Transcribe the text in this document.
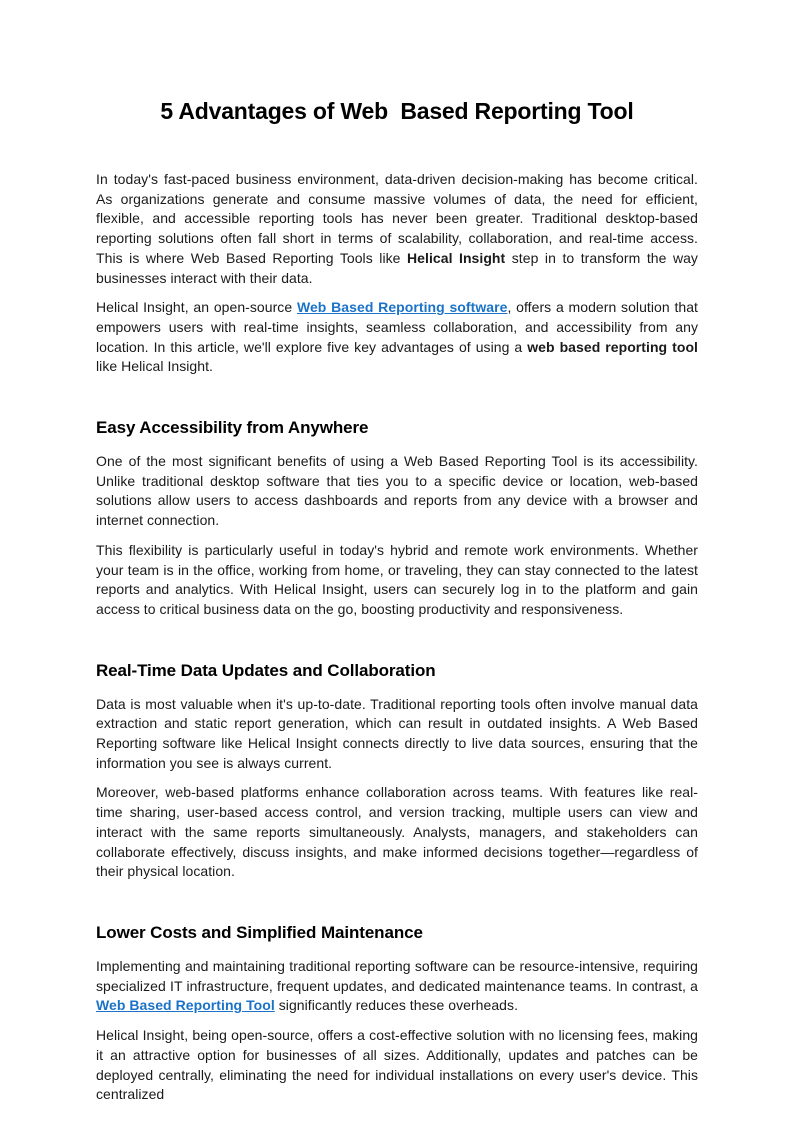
5 Advantages of Web  Based Reporting Tool

In today's fast-paced business environment, data-driven decision-making has become critical. As organizations generate and consume massive volumes of data, the need for efficient, flexible, and accessible reporting tools has never been greater. Traditional desktop-based reporting solutions often fall short in terms of scalability, collaboration, and real-time access. This is where Web Based Reporting Tools like Helical Insight step in to transform the way businesses interact with their data.

Helical Insight, an open-source Web Based Reporting software, offers a modern solution that empowers users with real-time insights, seamless collaboration, and accessibility from any location. In this article, we'll explore five key advantages of using a web based reporting tool like Helical Insight.

Easy Accessibility from Anywhere

One of the most significant benefits of using a Web Based Reporting Tool is its accessibility. Unlike traditional desktop software that ties you to a specific device or location, web-based solutions allow users to access dashboards and reports from any device with a browser and internet connection.

This flexibility is particularly useful in today's hybrid and remote work environments. Whether your team is in the office, working from home, or traveling, they can stay connected to the latest reports and analytics. With Helical Insight, users can securely log in to the platform and gain access to critical business data on the go, boosting productivity and responsiveness.

Real-Time Data Updates and Collaboration

Data is most valuable when it's up-to-date. Traditional reporting tools often involve manual data extraction and static report generation, which can result in outdated insights. A Web Based Reporting software like Helical Insight connects directly to live data sources, ensuring that the information you see is always current.

Moreover, web-based platforms enhance collaboration across teams. With features like real-time sharing, user-based access control, and version tracking, multiple users can view and interact with the same reports simultaneously. Analysts, managers, and stakeholders can collaborate effectively, discuss insights, and make informed decisions together—regardless of their physical location.

Lower Costs and Simplified Maintenance

Implementing and maintaining traditional reporting software can be resource-intensive, requiring specialized IT infrastructure, frequent updates, and dedicated maintenance teams. In contrast, a Web Based Reporting Tool significantly reduces these overheads.

Helical Insight, being open-source, offers a cost-effective solution with no licensing fees, making it an attractive option for businesses of all sizes. Additionally, updates and patches can be deployed centrally, eliminating the need for individual installations on every user's device. This centralized
